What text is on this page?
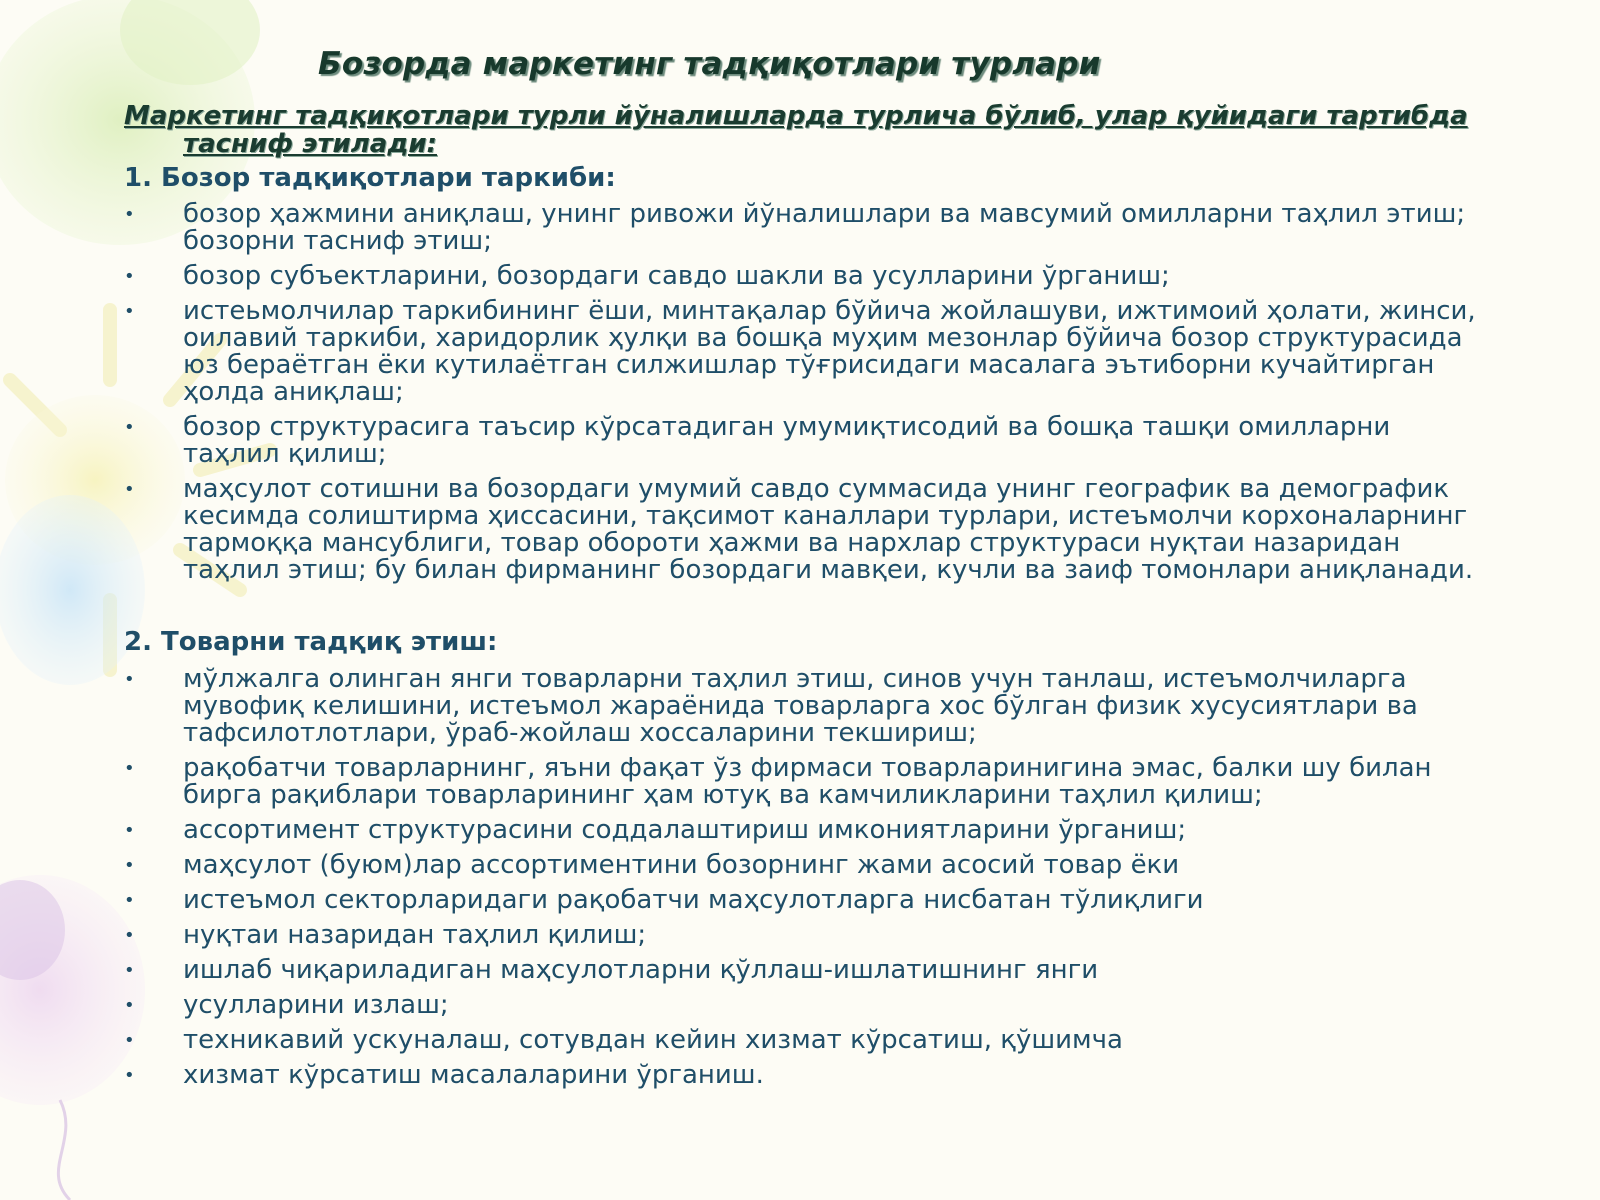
Бозорда маркетинг тадқиқотлари турлари

Маркетинг тадқиқотлари турли йўналишларда турлича бўлиб, улар қуйидаги тартибда тасниф этилади:

1. Бозор тадқиқотлари таркиби:
• бозор ҳажмини аниқлаш, унинг ривожи йўналишлари ва мавсумий омилларни таҳлил этиш; бозорни тасниф этиш;
• бозор субъектларини, бозордаги савдо шакли ва усулларини ўрганиш;
• истеьмолчилар таркибининг ёши, минтақалар бўйича жойлашуви, ижтимоий ҳолати, жинси, оилавий таркиби, харидорлик ҳулқи ва бошқа муҳим мезонлар бўйича бозор структурасида юз бераётган ёки кутилаётган силжишлар тўғрисидаги масалага эътиборни кучайтирган ҳолда аниқлаш;
• бозор структурасига таъсир кўрсатадиган умумиқтисодий ва бошқа ташқи омилларни таҳлил қилиш;
• маҳсулот сотишни ва бозордаги умумий савдо суммасида унинг географик ва демографик кесимда солиштирма ҳиссасини, тақсимот каналлари турлари, истеъмолчи корхоналарнинг тармоққа мансублиги, товар обороти ҳажми ва нархлар структураси нуқтаи назаридан таҳлил этиш; бу билан фирманинг бозордаги мавқеи, кучли ва заиф томонлари аниқланади.
2. Товарни тадқиқ этиш:
• мўлжалга олинган янги товарларни таҳлил этиш, синов учун танлаш, истеъмолчиларга мувофиқ келишини, истеъмол жараёнида товарларга хос бўлган физик хусусиятлари ва тафсилотлотлари, ўраб-жойлаш хоссаларини текшириш;
• рақобатчи товарларнинг, яъни фақат ўз фирмаси товарларинигина эмас, балки шу билан бирга рақиблари товарларининг ҳам ютуқ ва камчиликларини таҳлил қилиш;
• ассортимент структурасини соддалаштириш имкониятларини ўрганиш;
• маҳсулот (буюм)лар ассортиментини бозорнинг жами асосий товар ёки
• истеъмол секторларидаги рақобатчи маҳсулотларга нисбатан тўлиқлиги
• нуқтаи назаридан таҳлил қилиш;
• ишлаб чиқариладиган маҳсулотларни қўллаш-ишлатишнинг янги
• усулларини излаш;
• техникавий ускуналаш, сотувдан кейин хизмат кўрсатиш, қўшимча
• хизмат кўрсатиш масалаларини ўрганиш.
